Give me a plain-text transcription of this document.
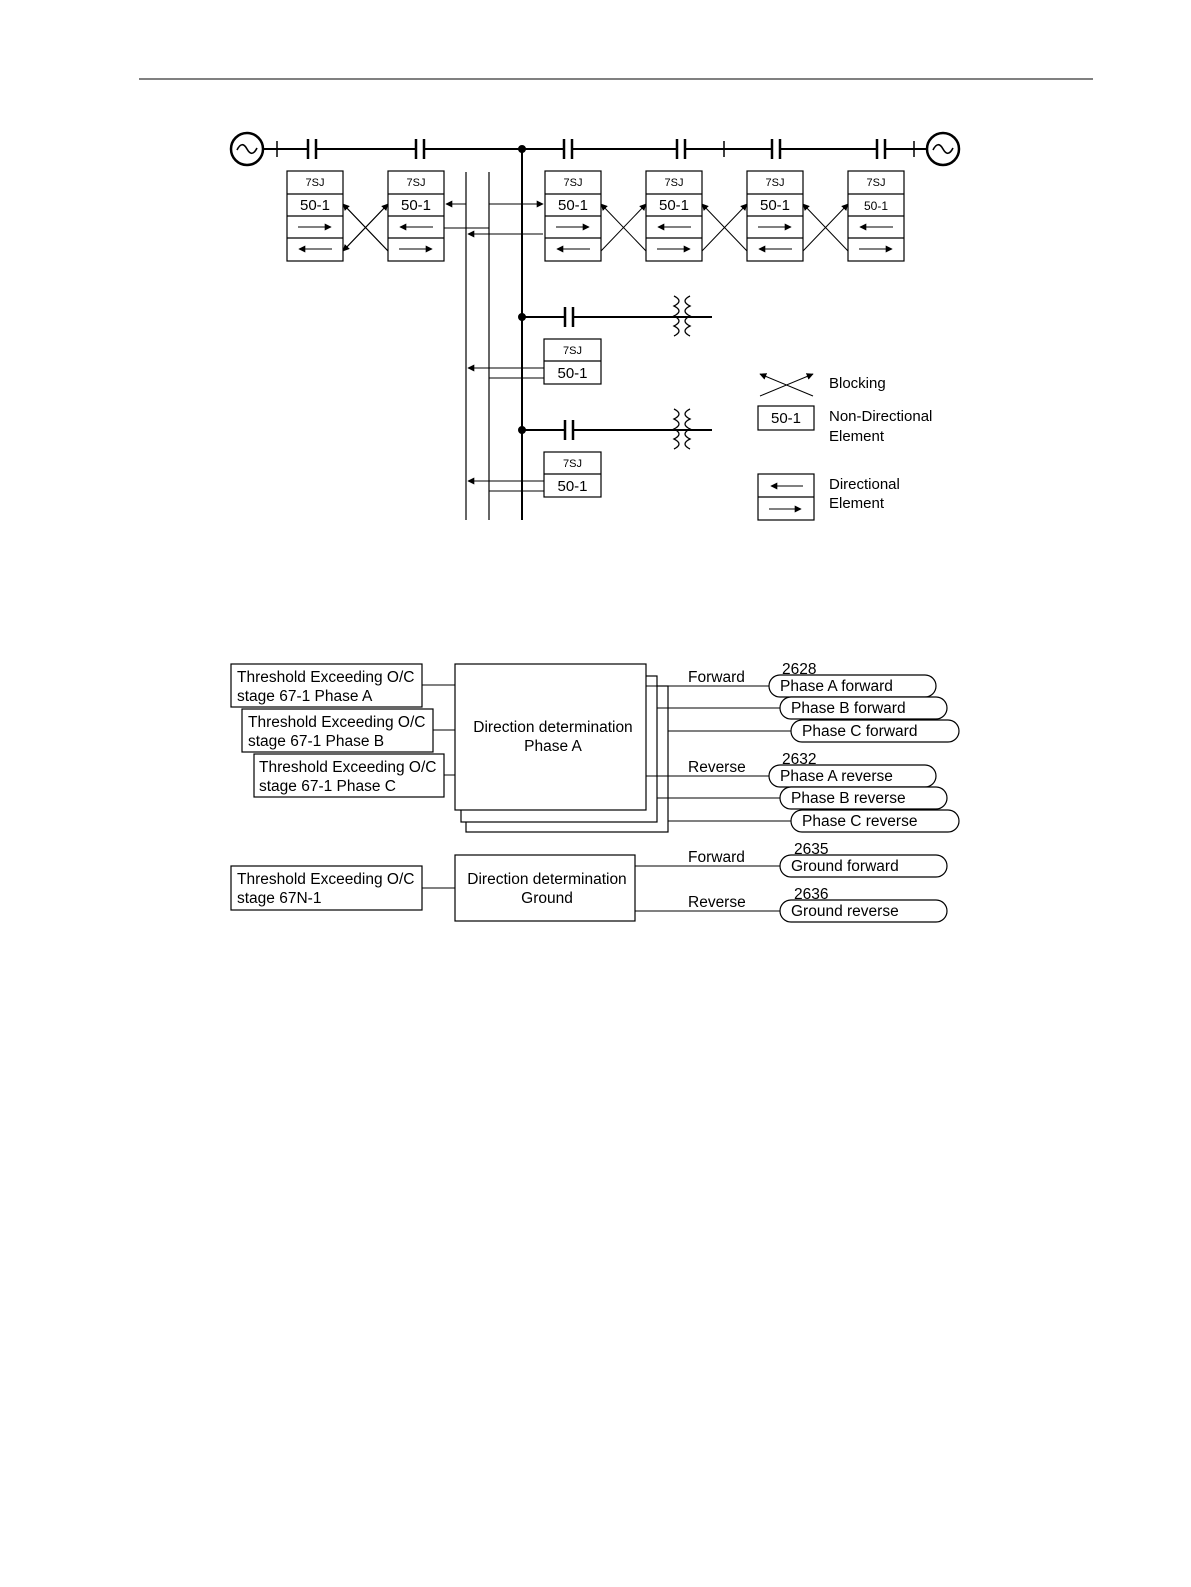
7SJ
50-1
7SJ
50-1
7SJ
50-1
7SJ
50-1
7SJ
50-1
7SJ
50-1
7SJ
50-1
7SJ
50-1
Blocking
50-1 Non-Directional
Element
Directional
Element
Threshold Exceeding O/C
stage 67-1 Phase A
Threshold Exceeding O/C
stage 67-1 Phase B
Threshold Exceeding O/C
stage 67-1 Phase C
Direction determination
Phase A
Forward
Reverse
2628
2632
Phase A forward
Phase B forward
Phase C forward
Phase A reverse
Phase B reverse
Phase C reverse
Threshold Exceeding O/C
stage 67N-1
Direction determination
Ground
Forward
Reverse
2635
2636
Ground forward
Ground reverse
